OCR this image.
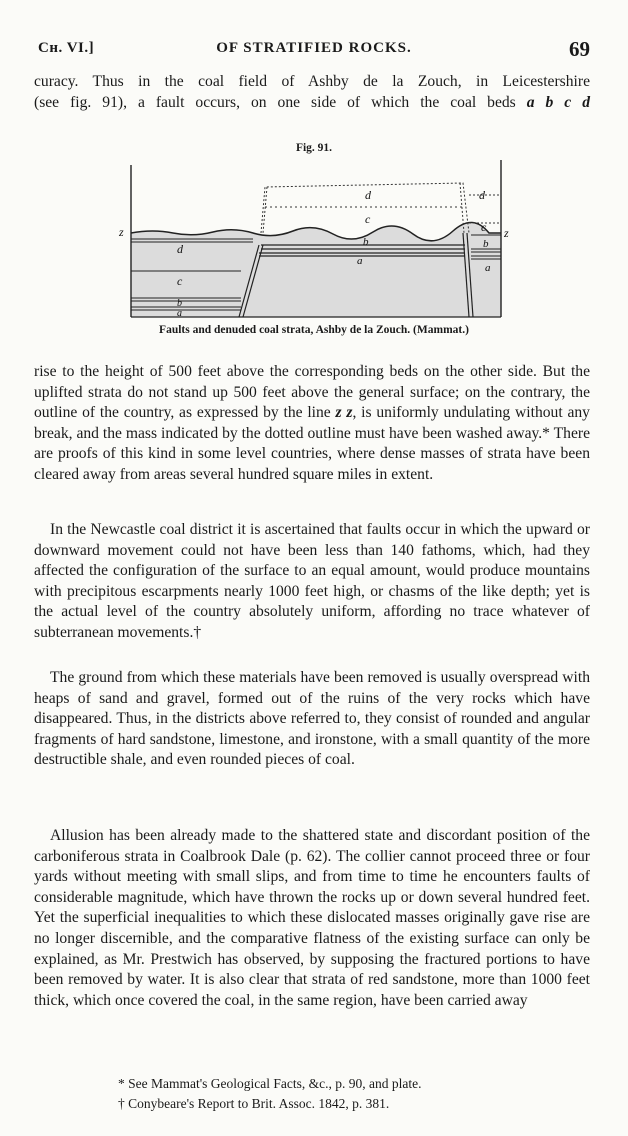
Cʜ. VI.]	OF STRATIFIED ROCKS.	69
curacy. Thus in the coal field of Ashby de la Zouch, in Leicestershire
(see fig. 91), a fault occurs, on one side of which the coal beds a b c d
Fig. 91.
z	z
d
c
b
a
d
c
b
a
d
c
b
a
Faults and denuded coal strata, Ashby de la Zouch. (Mammat.)
rise to the height of 500 feet above the corresponding beds on the other side. But the uplifted strata do not stand up 500 feet above the general surface; on the contrary, the outline of the country, as expressed by the line z z, is uniformly undulating without any break, and the mass indicated by the dotted outline must have been washed away.* There are proofs of this kind in some level countries, where dense masses of strata have been cleared away from areas several hundred square miles in extent.
In the Newcastle coal district it is ascertained that faults occur in which the upward or downward movement could not have been less than 140 fathoms, which, had they affected the configuration of the surface to an equal amount, would produce mountains with precipitous escarpments nearly 1000 feet high, or chasms of the like depth; yet is the actual level of the country absolutely uniform, affording no trace whatever of subterranean movements.†
The ground from which these materials have been removed is usually overspread with heaps of sand and gravel, formed out of the ruins of the very rocks which have disappeared. Thus, in the districts above referred to, they consist of rounded and angular fragments of hard sandstone, limestone, and ironstone, with a small quantity of the more destructible shale, and even rounded pieces of coal.
Allusion has been already made to the shattered state and discordant position of the carboniferous strata in Coalbrook Dale (p. 62). The collier cannot proceed three or four yards without meeting with small slips, and from time to time he encounters faults of considerable magnitude, which have thrown the rocks up or down several hundred feet. Yet the superficial inequalities to which these dislocated masses originally gave rise are no longer discernible, and the comparative flatness of the existing surface can only be explained, as Mr. Prestwich has observed, by supposing the fractured portions to have been removed by water. It is also clear that strata of red sandstone, more than 1000 feet thick, which once covered the coal, in the same region, have been carried away
* See Mammat's Geological Facts, &c., p. 90, and plate.
† Conybeare's Report to Brit. Assoc. 1842, p. 381.
